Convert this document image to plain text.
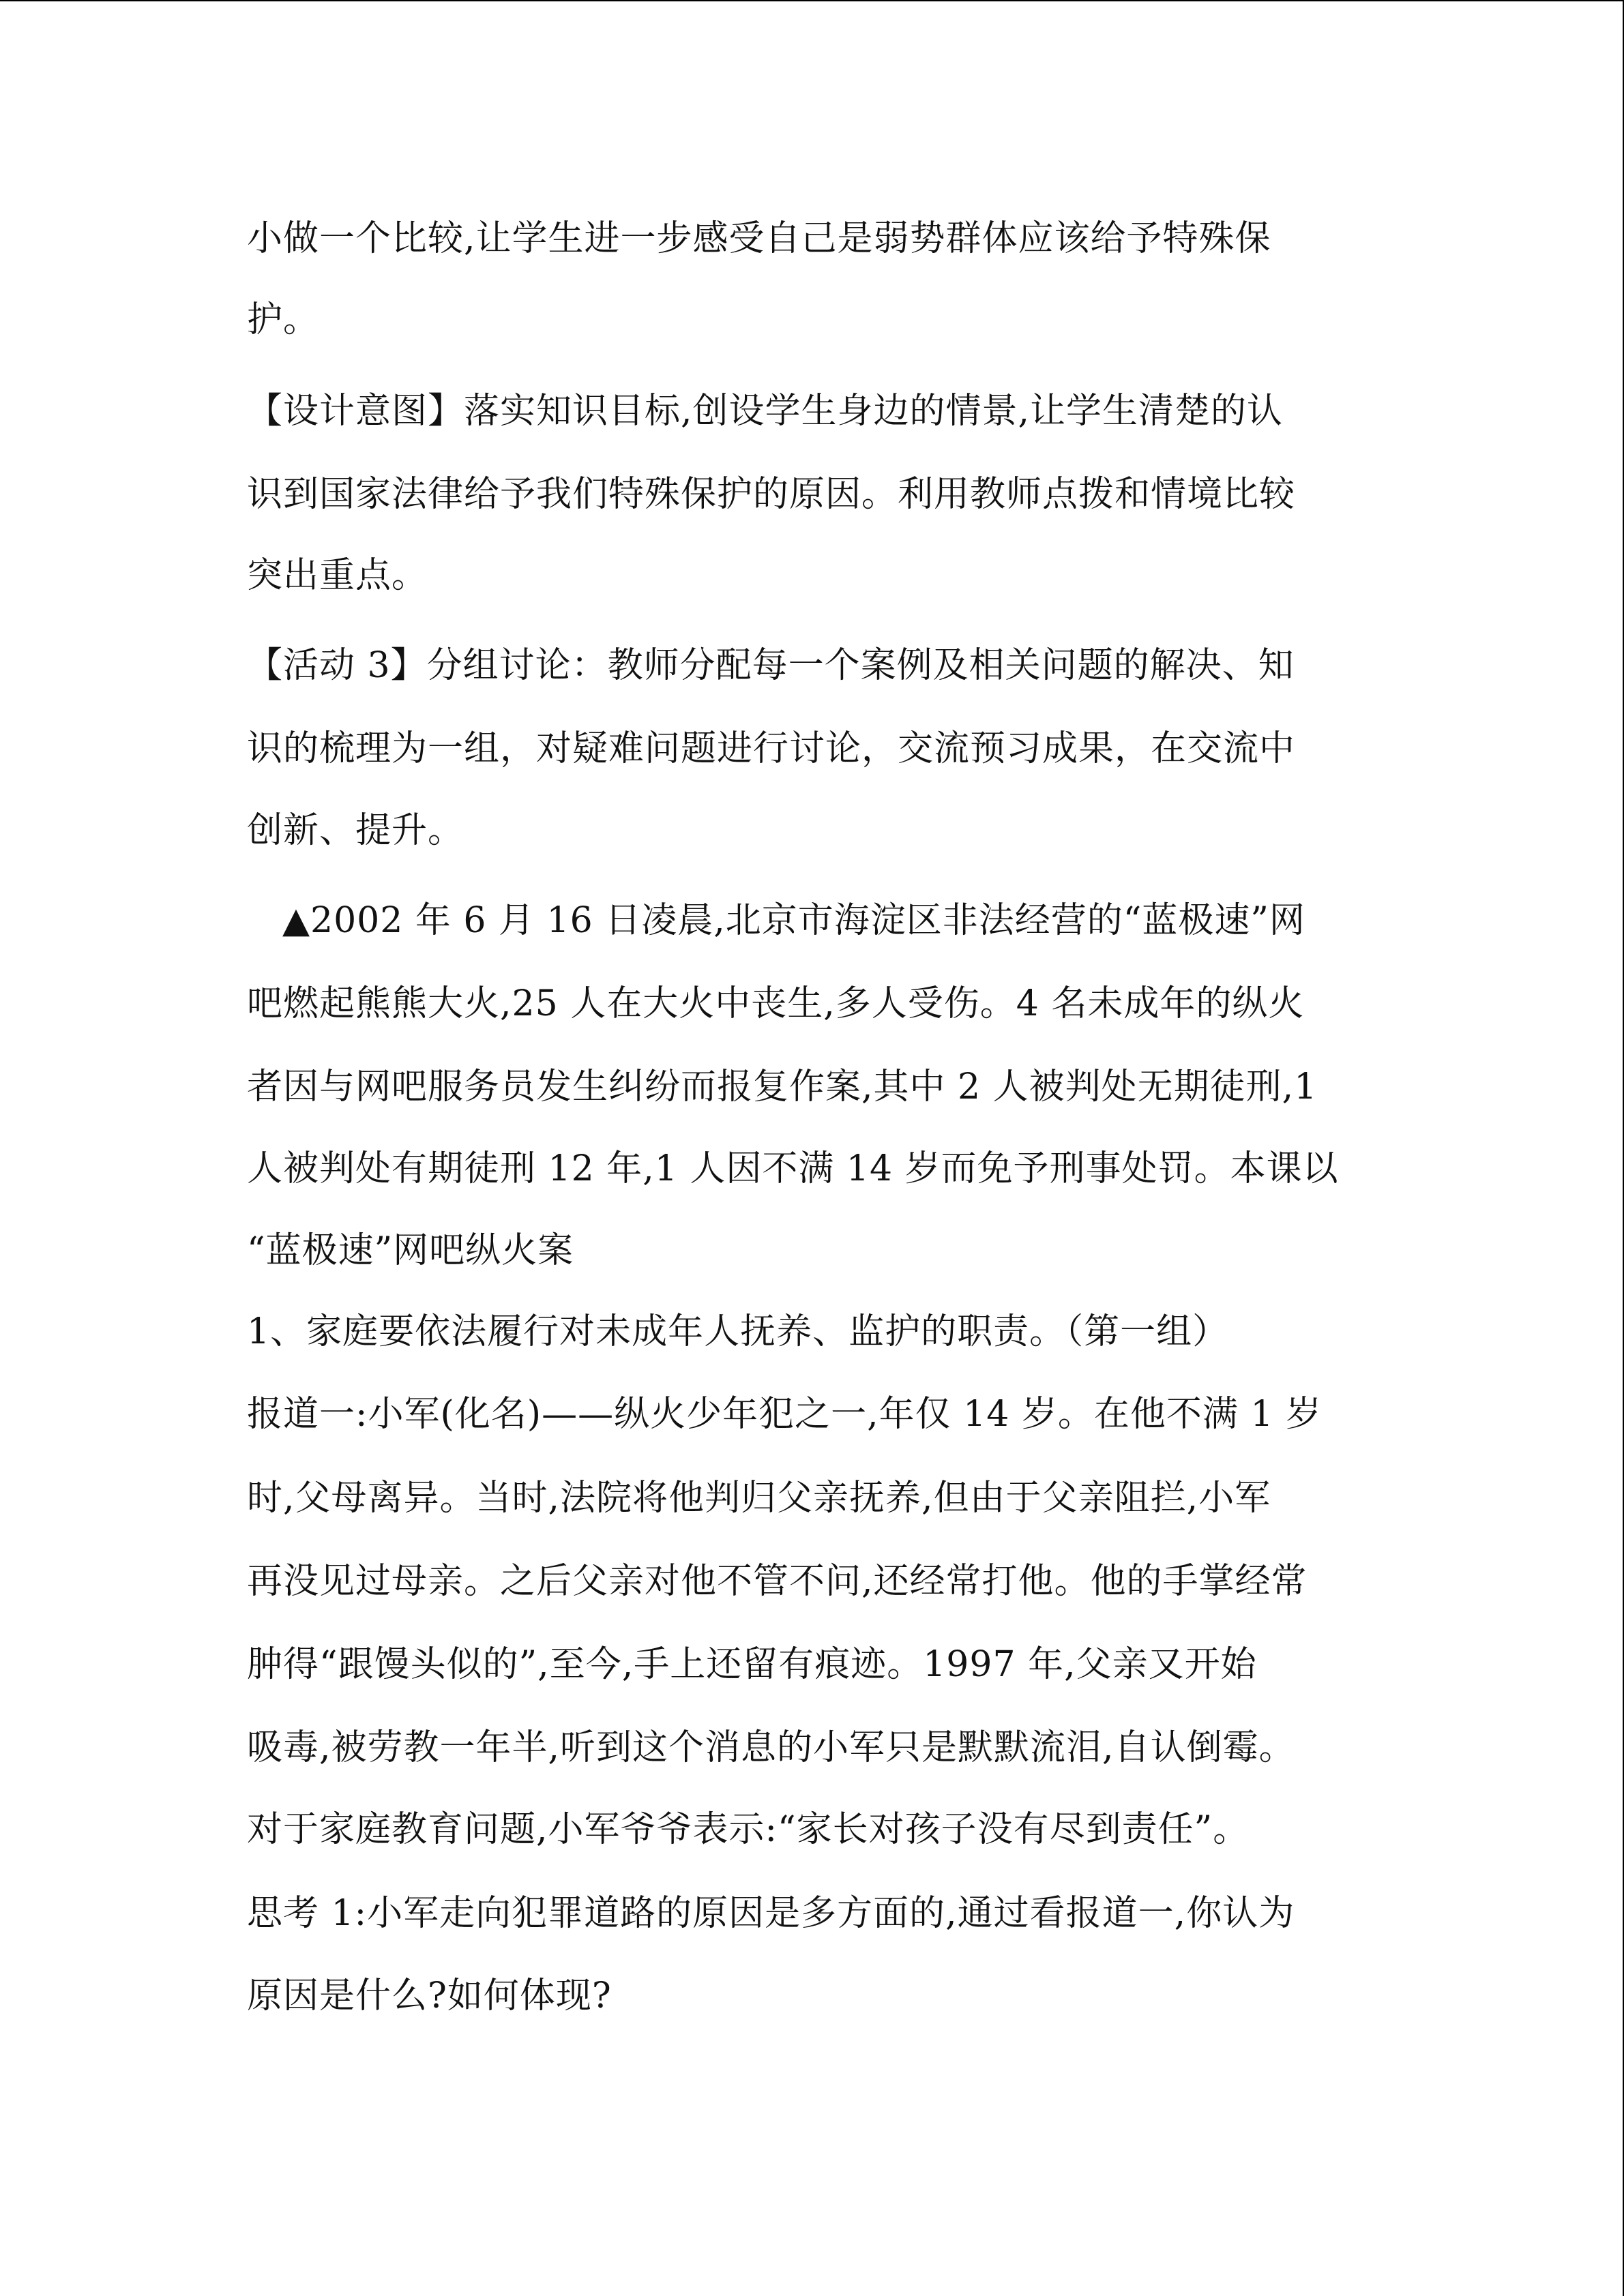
小做一个比较,让学生进一步感受自己是弱势群体应该给予特殊保
护。
【设计意图】落实知识目标,创设学生身边的情景,让学生清楚的认
识到国家法律给予我们特殊保护的原因。利用教师点拨和情境比较
突出重点。
【活动 3】分组讨论：教师分配每一个案例及相关问题的解决、知
识的梳理为一组，对疑难问题进行讨论，交流预习成果，在交流中
创新、提升。
▲2002 年 6 月 16 日凌晨,北京市海淀区非法经营的“蓝极速”网
吧燃起熊熊大火,25 人在大火中丧生,多人受伤。4 名未成年的纵火
者因与网吧服务员发生纠纷而报复作案,其中 2 人被判处无期徒刑,1
人被判处有期徒刑 12 年,1 人因不满 14 岁而免予刑事处罚。本课以
“蓝极速”网吧纵火案
1、家庭要依法履行对未成年人抚养、监护的职责。（第一组）
报道一:小军(化名)——纵火少年犯之一,年仅 14 岁。在他不满 1 岁
时,父母离异。当时,法院将他判归父亲抚养,但由于父亲阻拦,小军
再没见过母亲。之后父亲对他不管不问,还经常打他。他的手掌经常
肿得“跟馒头似的”,至今,手上还留有痕迹。1997 年,父亲又开始
吸毒,被劳教一年半,听到这个消息的小军只是默默流泪,自认倒霉。
对于家庭教育问题,小军爷爷表示:“家长对孩子没有尽到责任”。
思考 1:小军走向犯罪道路的原因是多方面的,通过看报道一,你认为
原因是什么?如何体现?
